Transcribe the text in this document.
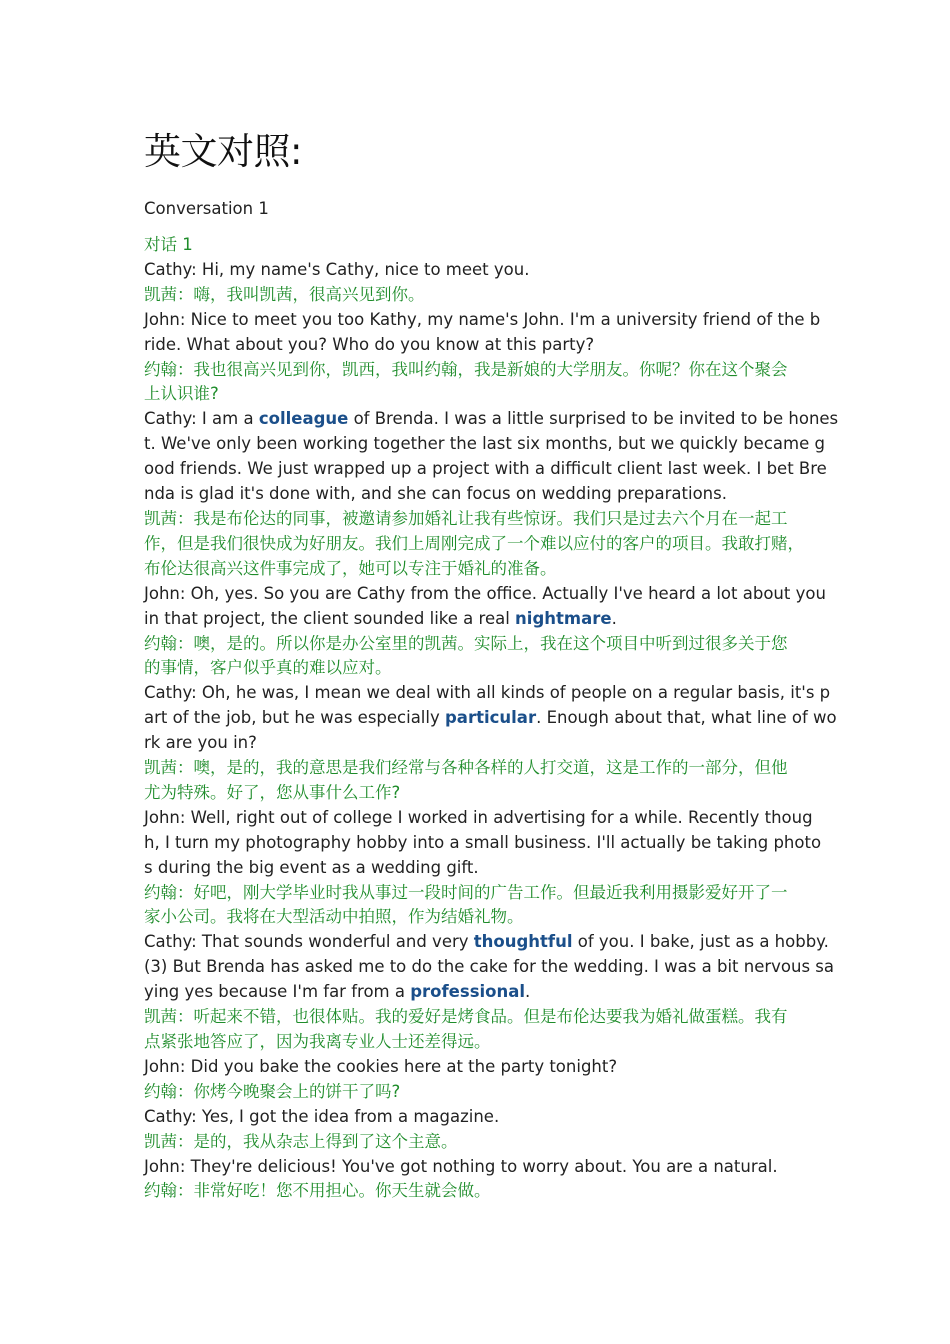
英文对照:
Conversation 1
对话 1
Cathy: Hi, my name's Cathy, nice to meet you.
凯茜：嗨，我叫凯茜，很高兴见到你。
John: Nice to meet you too Kathy, my name's John. I'm a university friend of the b
ride. What about you? Who do you know at this party?
约翰：我也很高兴见到你，凯西，我叫约翰，我是新娘的大学朋友。你呢？你在这个聚会
上认识谁?
Cathy: I am a colleague of Brenda. I was a little surprised to be invited to be hones
t. We've only been working together the last six months, but we quickly became g
ood friends. We just wrapped up a project with a difficult client last week. I bet Bre
nda is glad it's done with, and she can focus on wedding preparations.
凯茜：我是布伦达的同事，被邀请参加婚礼让我有些惊讶。我们只是过去六个月在一起工
作，但是我们很快成为好朋友。我们上周刚完成了一个难以应付的客户的项目。我敢打赌，
布伦达很高兴这件事完成了，她可以专注于婚礼的准备。
John: Oh, yes. So you are Cathy from the office. Actually I've heard a lot about you
in that project, the client sounded like a real nightmare.
约翰：噢，是的。所以你是办公室里的凯茜。实际上，我在这个项目中听到过很多关于您
的事情，客户似乎真的难以应对。
Cathy: Oh, he was, I mean we deal with all kinds of people on a regular basis, it's p
art of the job, but he was especially particular. Enough about that, what line of wo
rk are you in?
凯茜：噢，是的，我的意思是我们经常与各种各样的人打交道，这是工作的一部分，但他
尤为特殊。好了，您从事什么工作?
John: Well, right out of college I worked in advertising for a while. Recently thoug
h, I turn my photography hobby into a small business. I'll actually be taking photo
s during the big event as a wedding gift.
约翰：好吧，刚大学毕业时我从事过一段时间的广告工作。但最近我利用摄影爱好开了一
家小公司。我将在大型活动中拍照，作为结婚礼物。
Cathy: That sounds wonderful and very thoughtful of you. I bake, just as a hobby.
(3) But Brenda has asked me to do the cake for the wedding. I was a bit nervous sa
ying yes because I'm far from a professional.
凯茜：听起来不错，也很体贴。我的爱好是烤食品。但是布伦达要我为婚礼做蛋糕。我有
点紧张地答应了，因为我离专业人士还差得远。
John: Did you bake the cookies here at the party tonight?
约翰：你烤今晚聚会上的饼干了吗?
Cathy: Yes, I got the idea from a magazine.
凯茜：是的，我从杂志上得到了这个主意。
John: They're delicious! You've got nothing to worry about. You are a natural.
约翰：非常好吃！您不用担心。你天生就会做。
